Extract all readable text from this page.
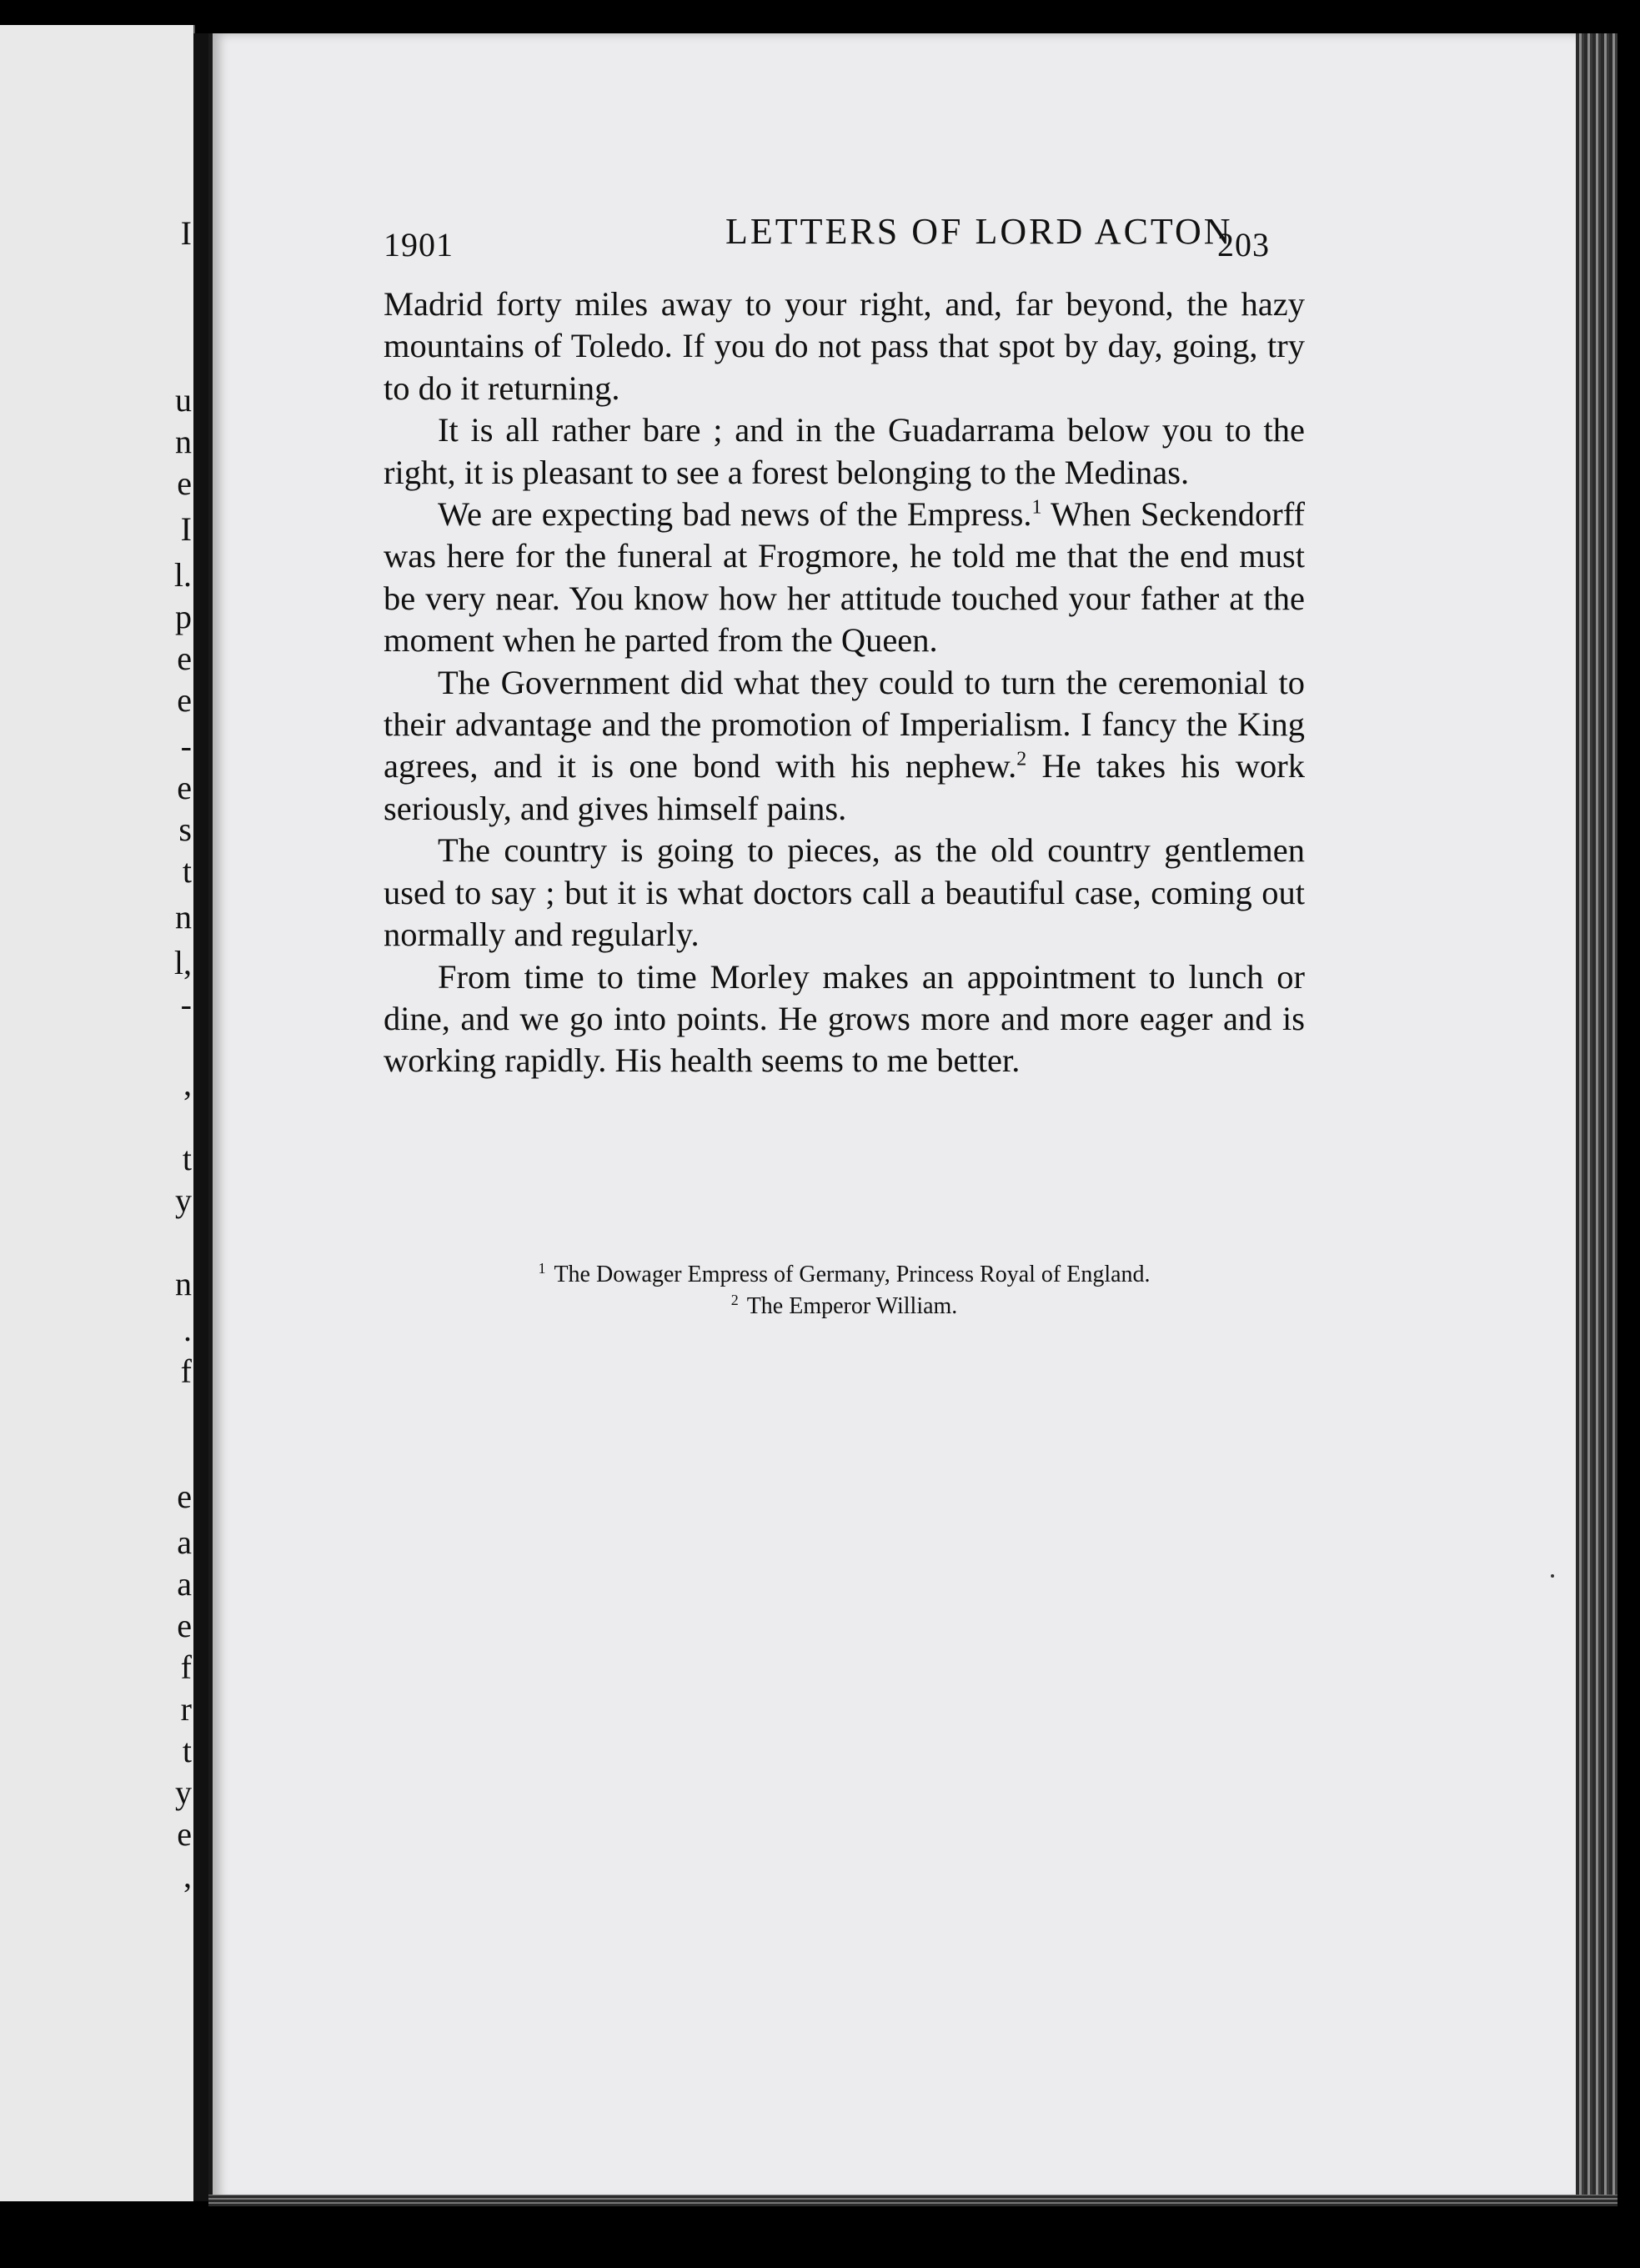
I
u
n
e
I
l.
p
e
e
-
e
s
t
n
l,
-
,
t
y
n
.
f
e
a
a
e
f
r
t
y
e
,
1901	LETTERS OF LORD ACTON
203

Madrid forty miles away to your right, and, far beyond, the hazy mountains of Toledo. If you do not pass that spot by day, going, try to do it returning.

It is all rather bare ; and in the Guadarrama below you to the right, it is pleasant to see a forest belonging to the Medinas.

We are expecting bad news of the Empress.$^1$ When Seckendorff was here for the funeral at Frogmore, he told me that the end must be very near. You know how her attitude touched your father at the moment when he parted from the Queen.

The Government did what they could to turn the ceremonial to their advantage and the promotion of Imperialism. I fancy the King agrees, and it is one bond with his nephew.$^2$ He takes his work seriously, and gives himself pains.

The country is going to pieces, as the old country gentlemen used to say ; but it is what doctors call a beautiful case, coming out normally and regularly.

From time to time Morley makes an appointment to lunch or dine, and we go into points. He grows more and more eager and is working rapidly. His health seems to me better.

$^1$ The Dowager Empress of Germany, Princess Royal of England.
$^2$ The Emperor William.
